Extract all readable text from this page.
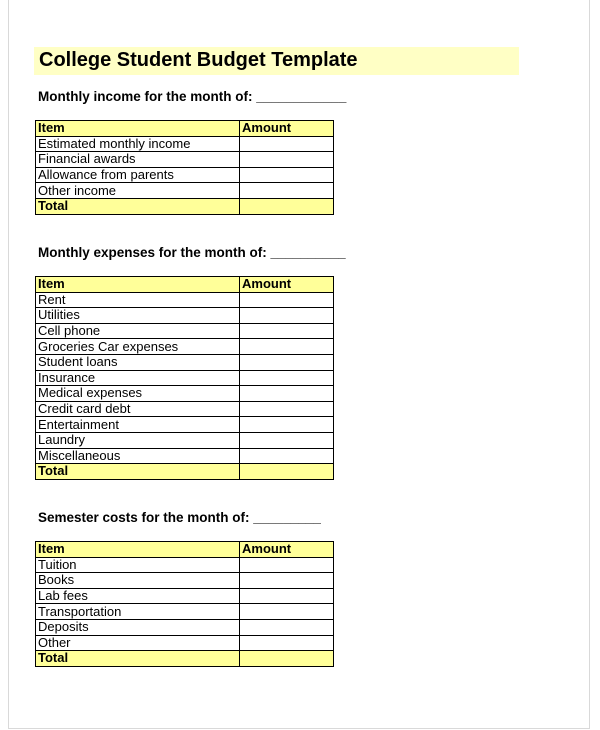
College Student Budget Template
Monthly income for the month of: ____________
Item	Amount
Estimated monthly income	
Financial awards	
Allowance from parents	
Other income	
Total	
Monthly expenses for the month of: __________
Item	Amount
Rent	
Utilities	
Cell phone	
Groceries Car expenses	
Student loans	
Insurance	
Medical expenses	
Credit card debt	
Entertainment	
Laundry	
Miscellaneous	
Total	
Semester costs for the month of: _________
Item	Amount
Tuition	
Books	
Lab fees	
Transportation	
Deposits	
Other	
Total	
